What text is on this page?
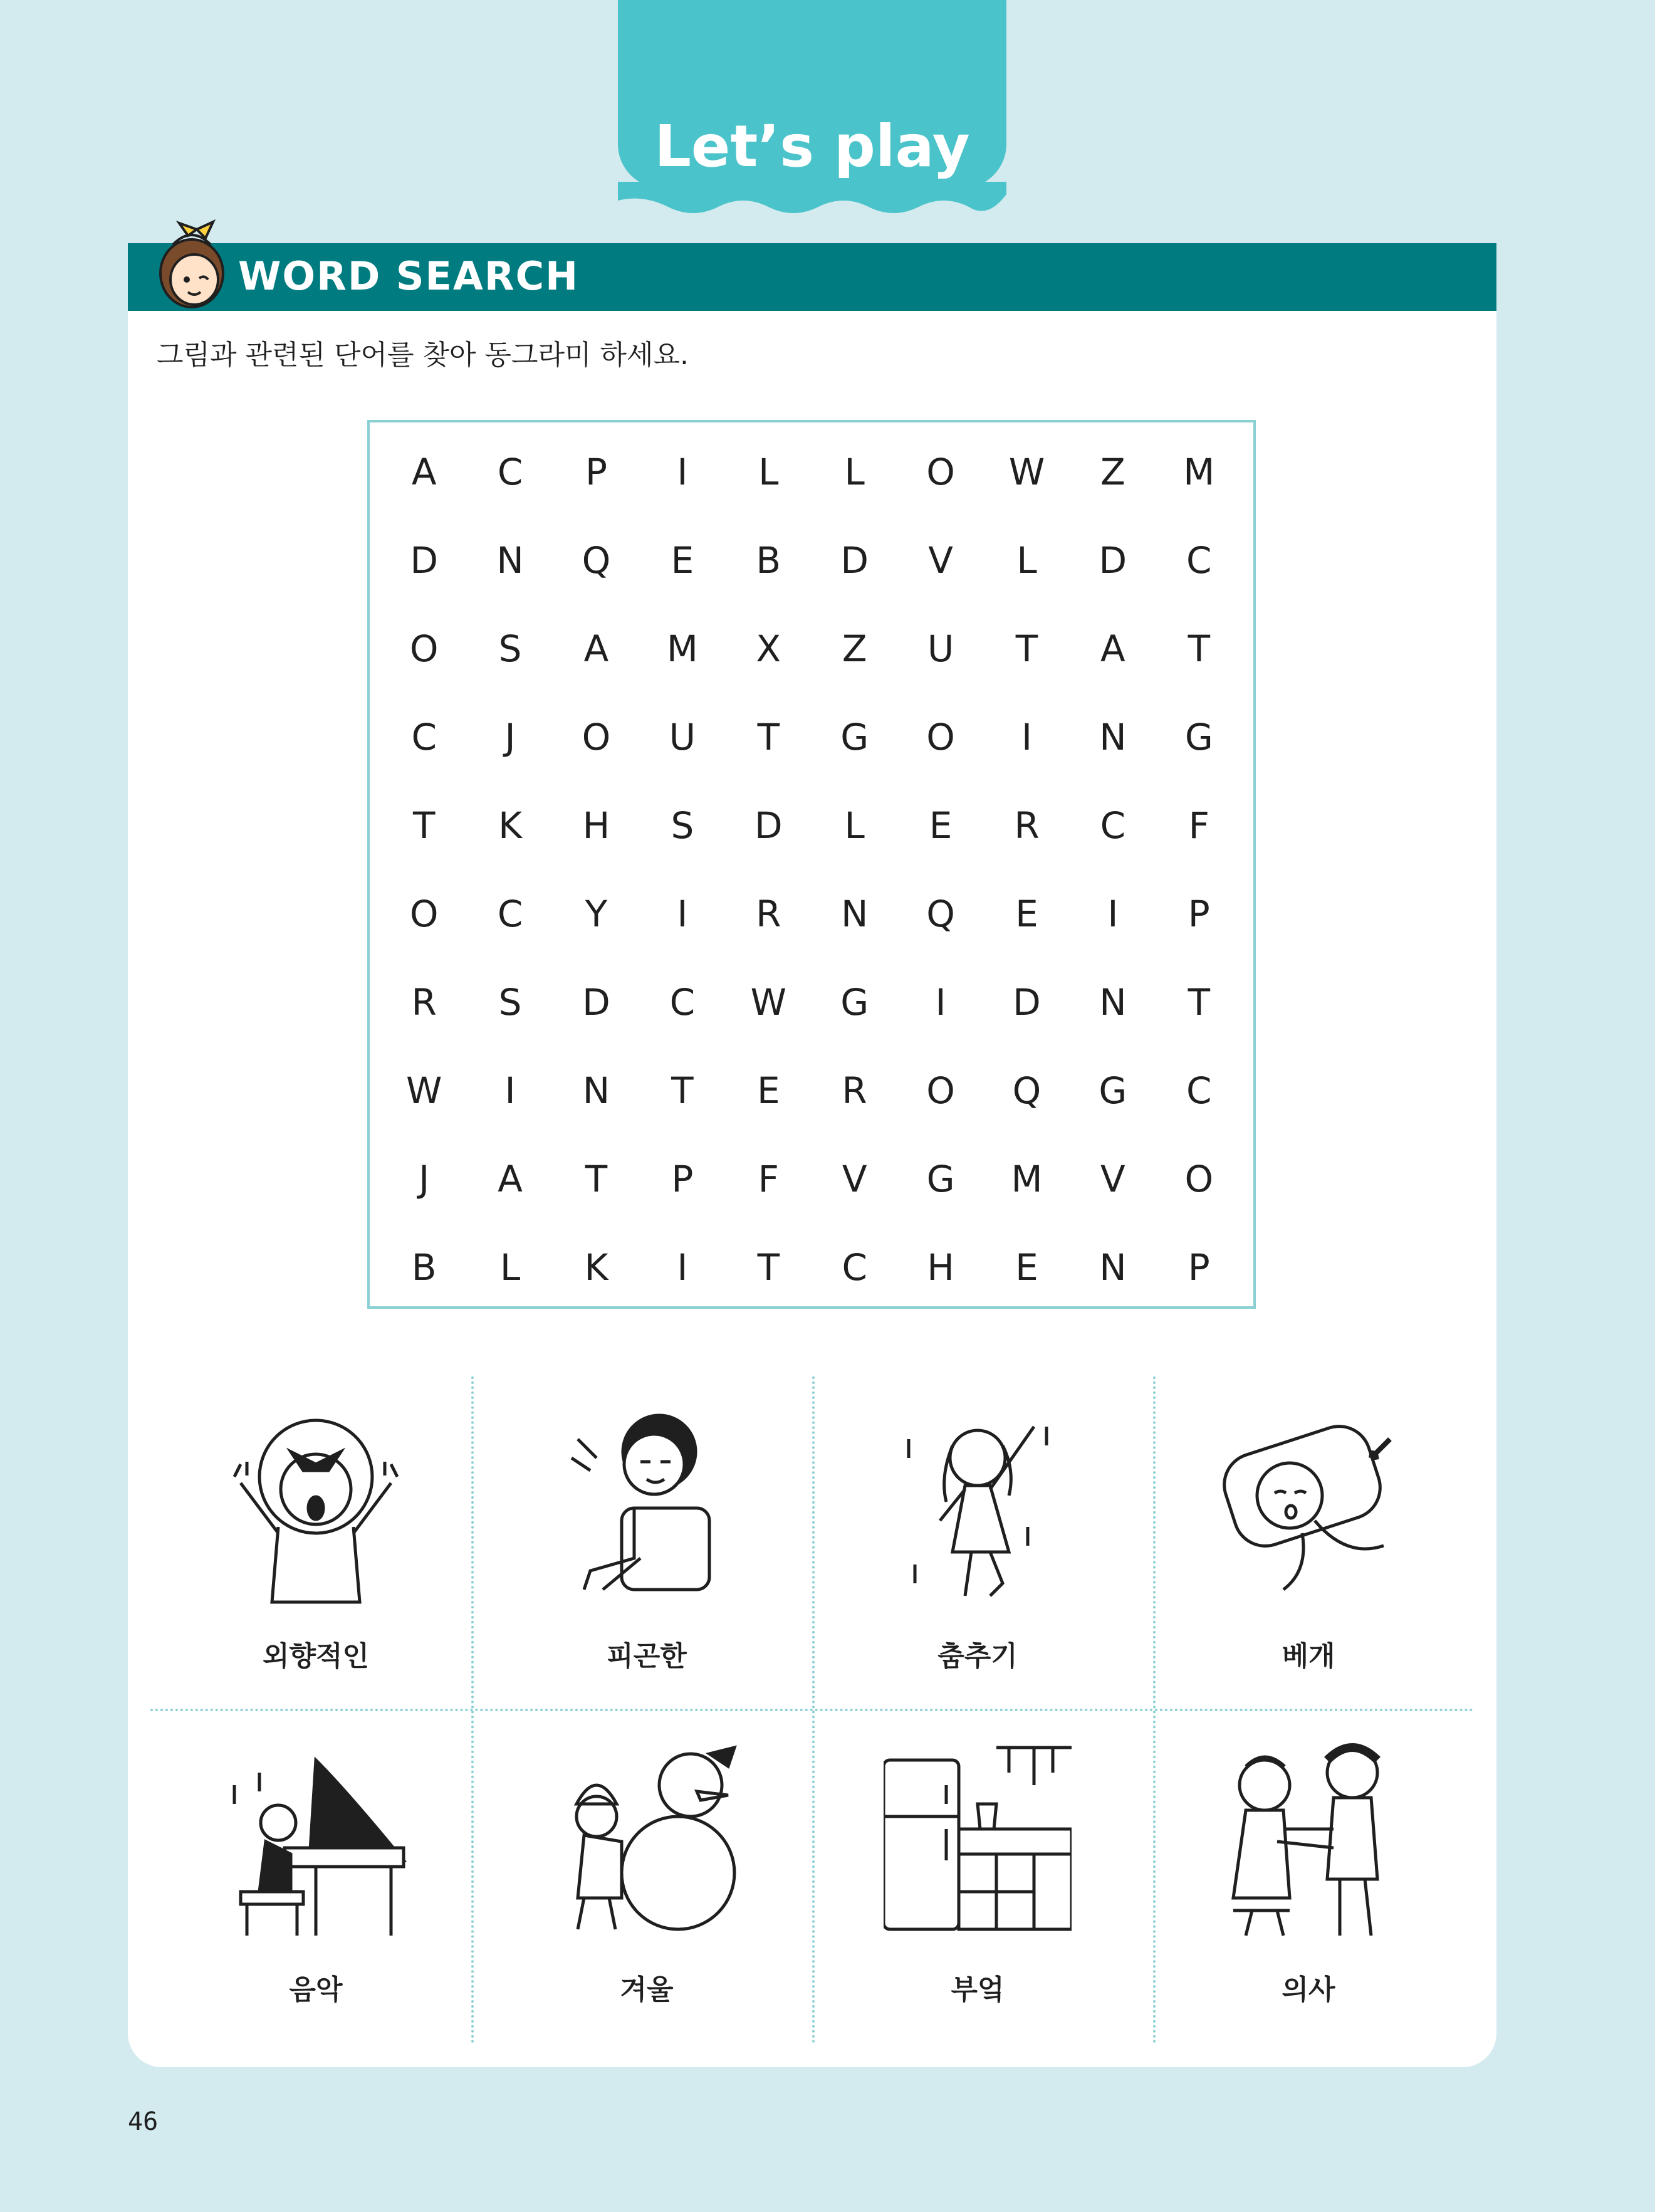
Let’s play
WORD SEARCH
그림과 관련된 단어를 찾아 동그라미 하세요.
A	C	P	I	L	L	O	W	Z	M
D	N	Q	E	B	D	V	L	D	C
O	S	A	M	X	Z	U	T	A	T
C	J	O	U	T	G	O	I	N	G
T	K	H	S	D	L	E	R	C	F
O	C	Y	I	R	N	Q	E	I	P
R	S	D	C	W	G	I	D	N	T
W	I	N	T	E	R	O	Q	G	C
J	A	T	P	F	V	G	M	V	O
B	L	K	I	T	C	H	E	N	P
외향적인	피곤한	춤추기	베개
음악	겨울	부엌	의사
46
